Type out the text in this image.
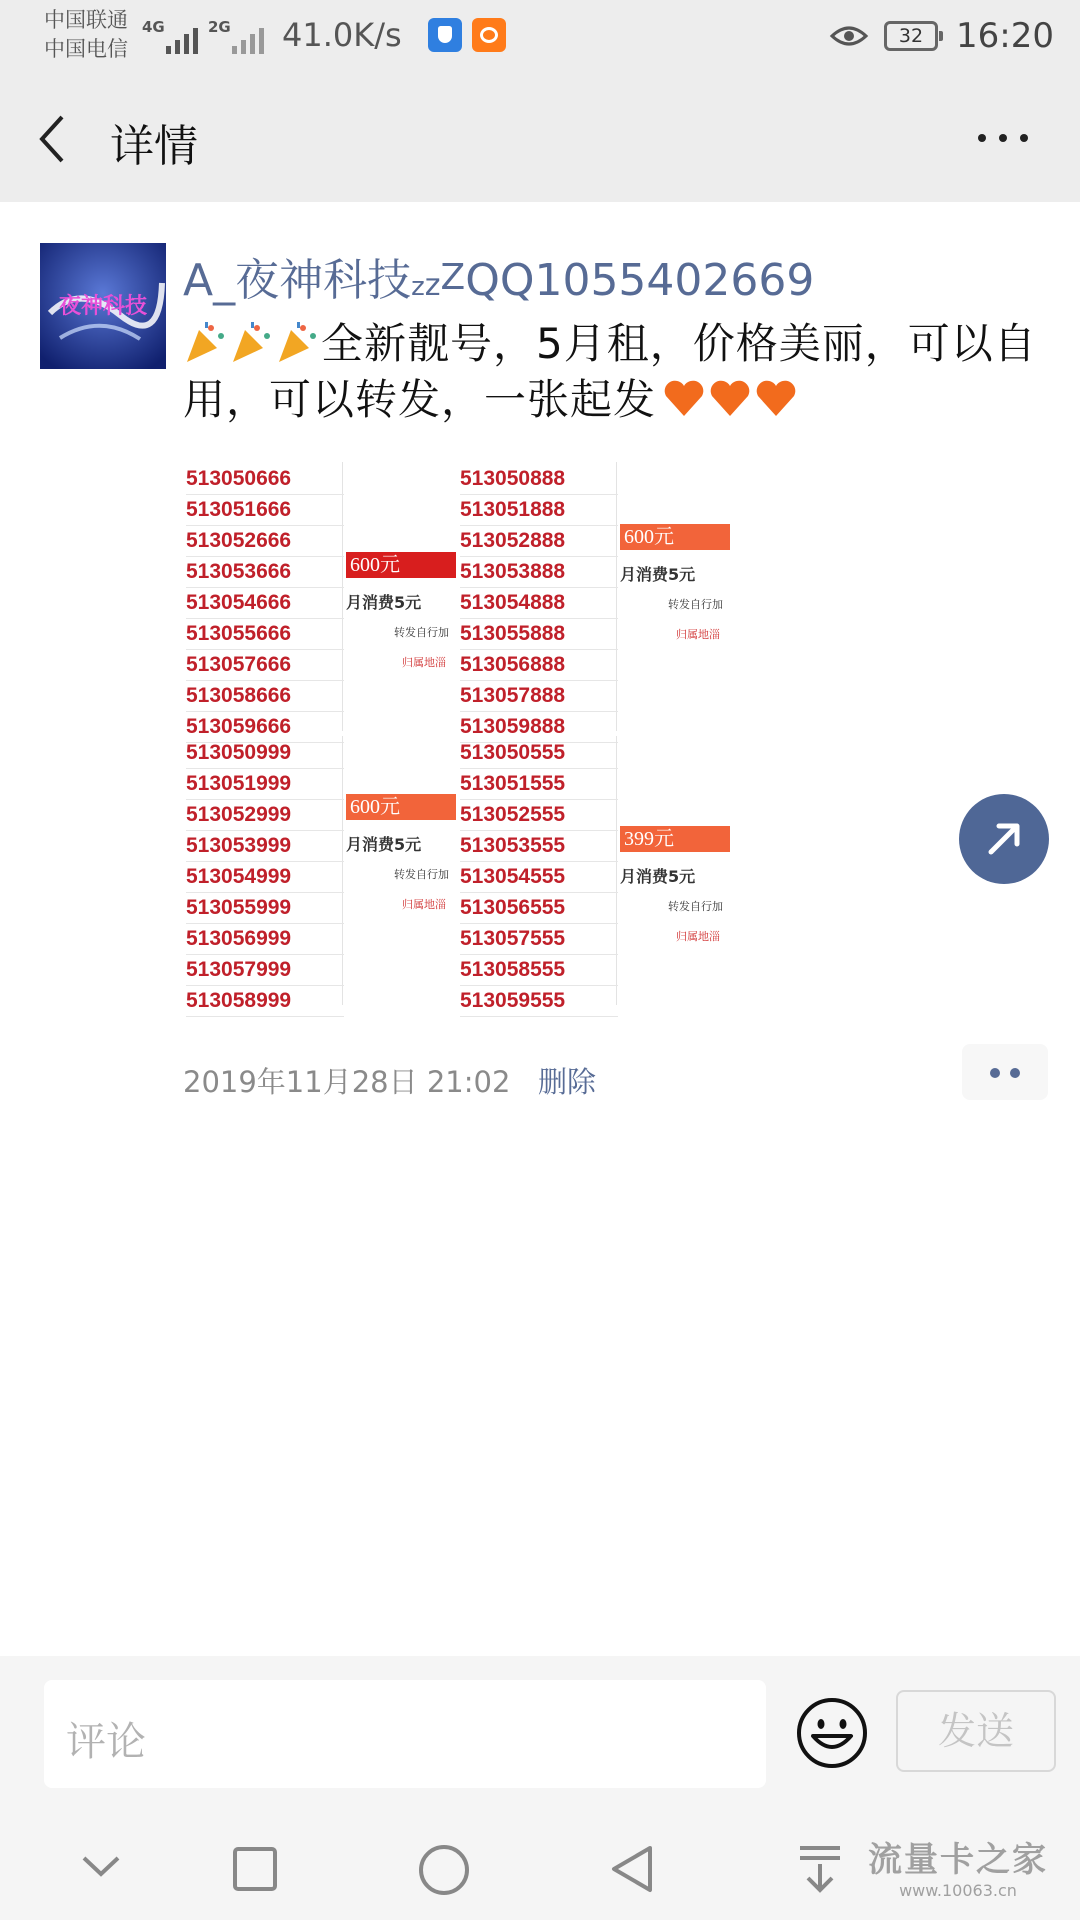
中国联通
中国电信
4G	2G 41.0K/s	32 16:20
详情
夜神科技
A_夜神科技zzZQQ1055402669
全新靓号，5月租，价格美丽，可以自用，可以转发，一张起发
513050666
513051666
513052666
513053666
513054666
513055666
513057666
513058666
513059666
600元
月消费5元
转发自行加
归属地淄
513050888
513051888
513052888
513053888
513054888
513055888
513056888
513057888
513059888
600元
月消费5元
转发自行加
归属地淄
513050999
513051999
513052999
513053999
513054999
513055999
513056999
513057999
513058999
600元
月消费5元
转发自行加
归属地淄
513050555
513051555
513052555
513053555
513054555
513056555
513057555
513058555
513059555
399元
月消费5元
转发自行加
归属地淄
2019年11月28日 21:02 删除
评论	发送
流量卡之家
www.10063.cn
